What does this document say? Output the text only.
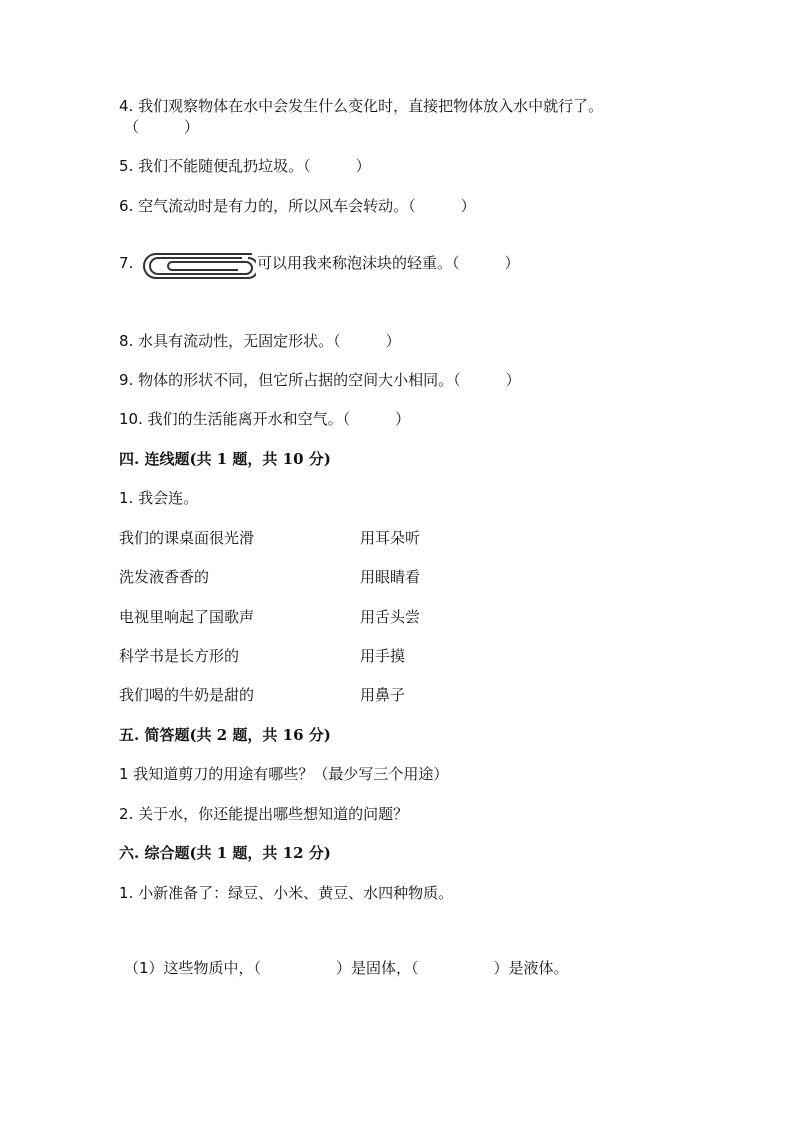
4. 我们观察物体在水中会发生什么变化时，直接把物体放入水中就行了。
（　　　）
5. 我们不能随便乱扔垃圾。（　　　）
6. 空气流动时是有力的，所以风车会转动。（　　　）
7.	可以用我来称泡沫块的轻重。（　　　）
8. 水具有流动性，无固定形状。（　　　）
9. 物体的形状不同，但它所占据的空间大小相同。（　　　）
10. 我们的生活能离开水和空气。（　　　）
四. 连线题(共 1 题，共 10 分)
1. 我会连。
我们的课桌面很光滑	用耳朵听
洗发液香香的	用眼睛看
电视里响起了国歌声	用舌头尝
科学书是长方形的	用手摸
我们喝的牛奶是甜的	用鼻子
五. 简答题(共 2 题，共 16 分)
1 我知道剪刀的用途有哪些？（最少写三个用途）
2. 关于水，你还能提出哪些想知道的问题？
六. 综合题(共 1 题，共 12 分)
1. 小新准备了：绿豆、小米、黄豆、水四种物质。
（1）这些物质中，（　　　　　）是固体，（　　　　　）是液体。
